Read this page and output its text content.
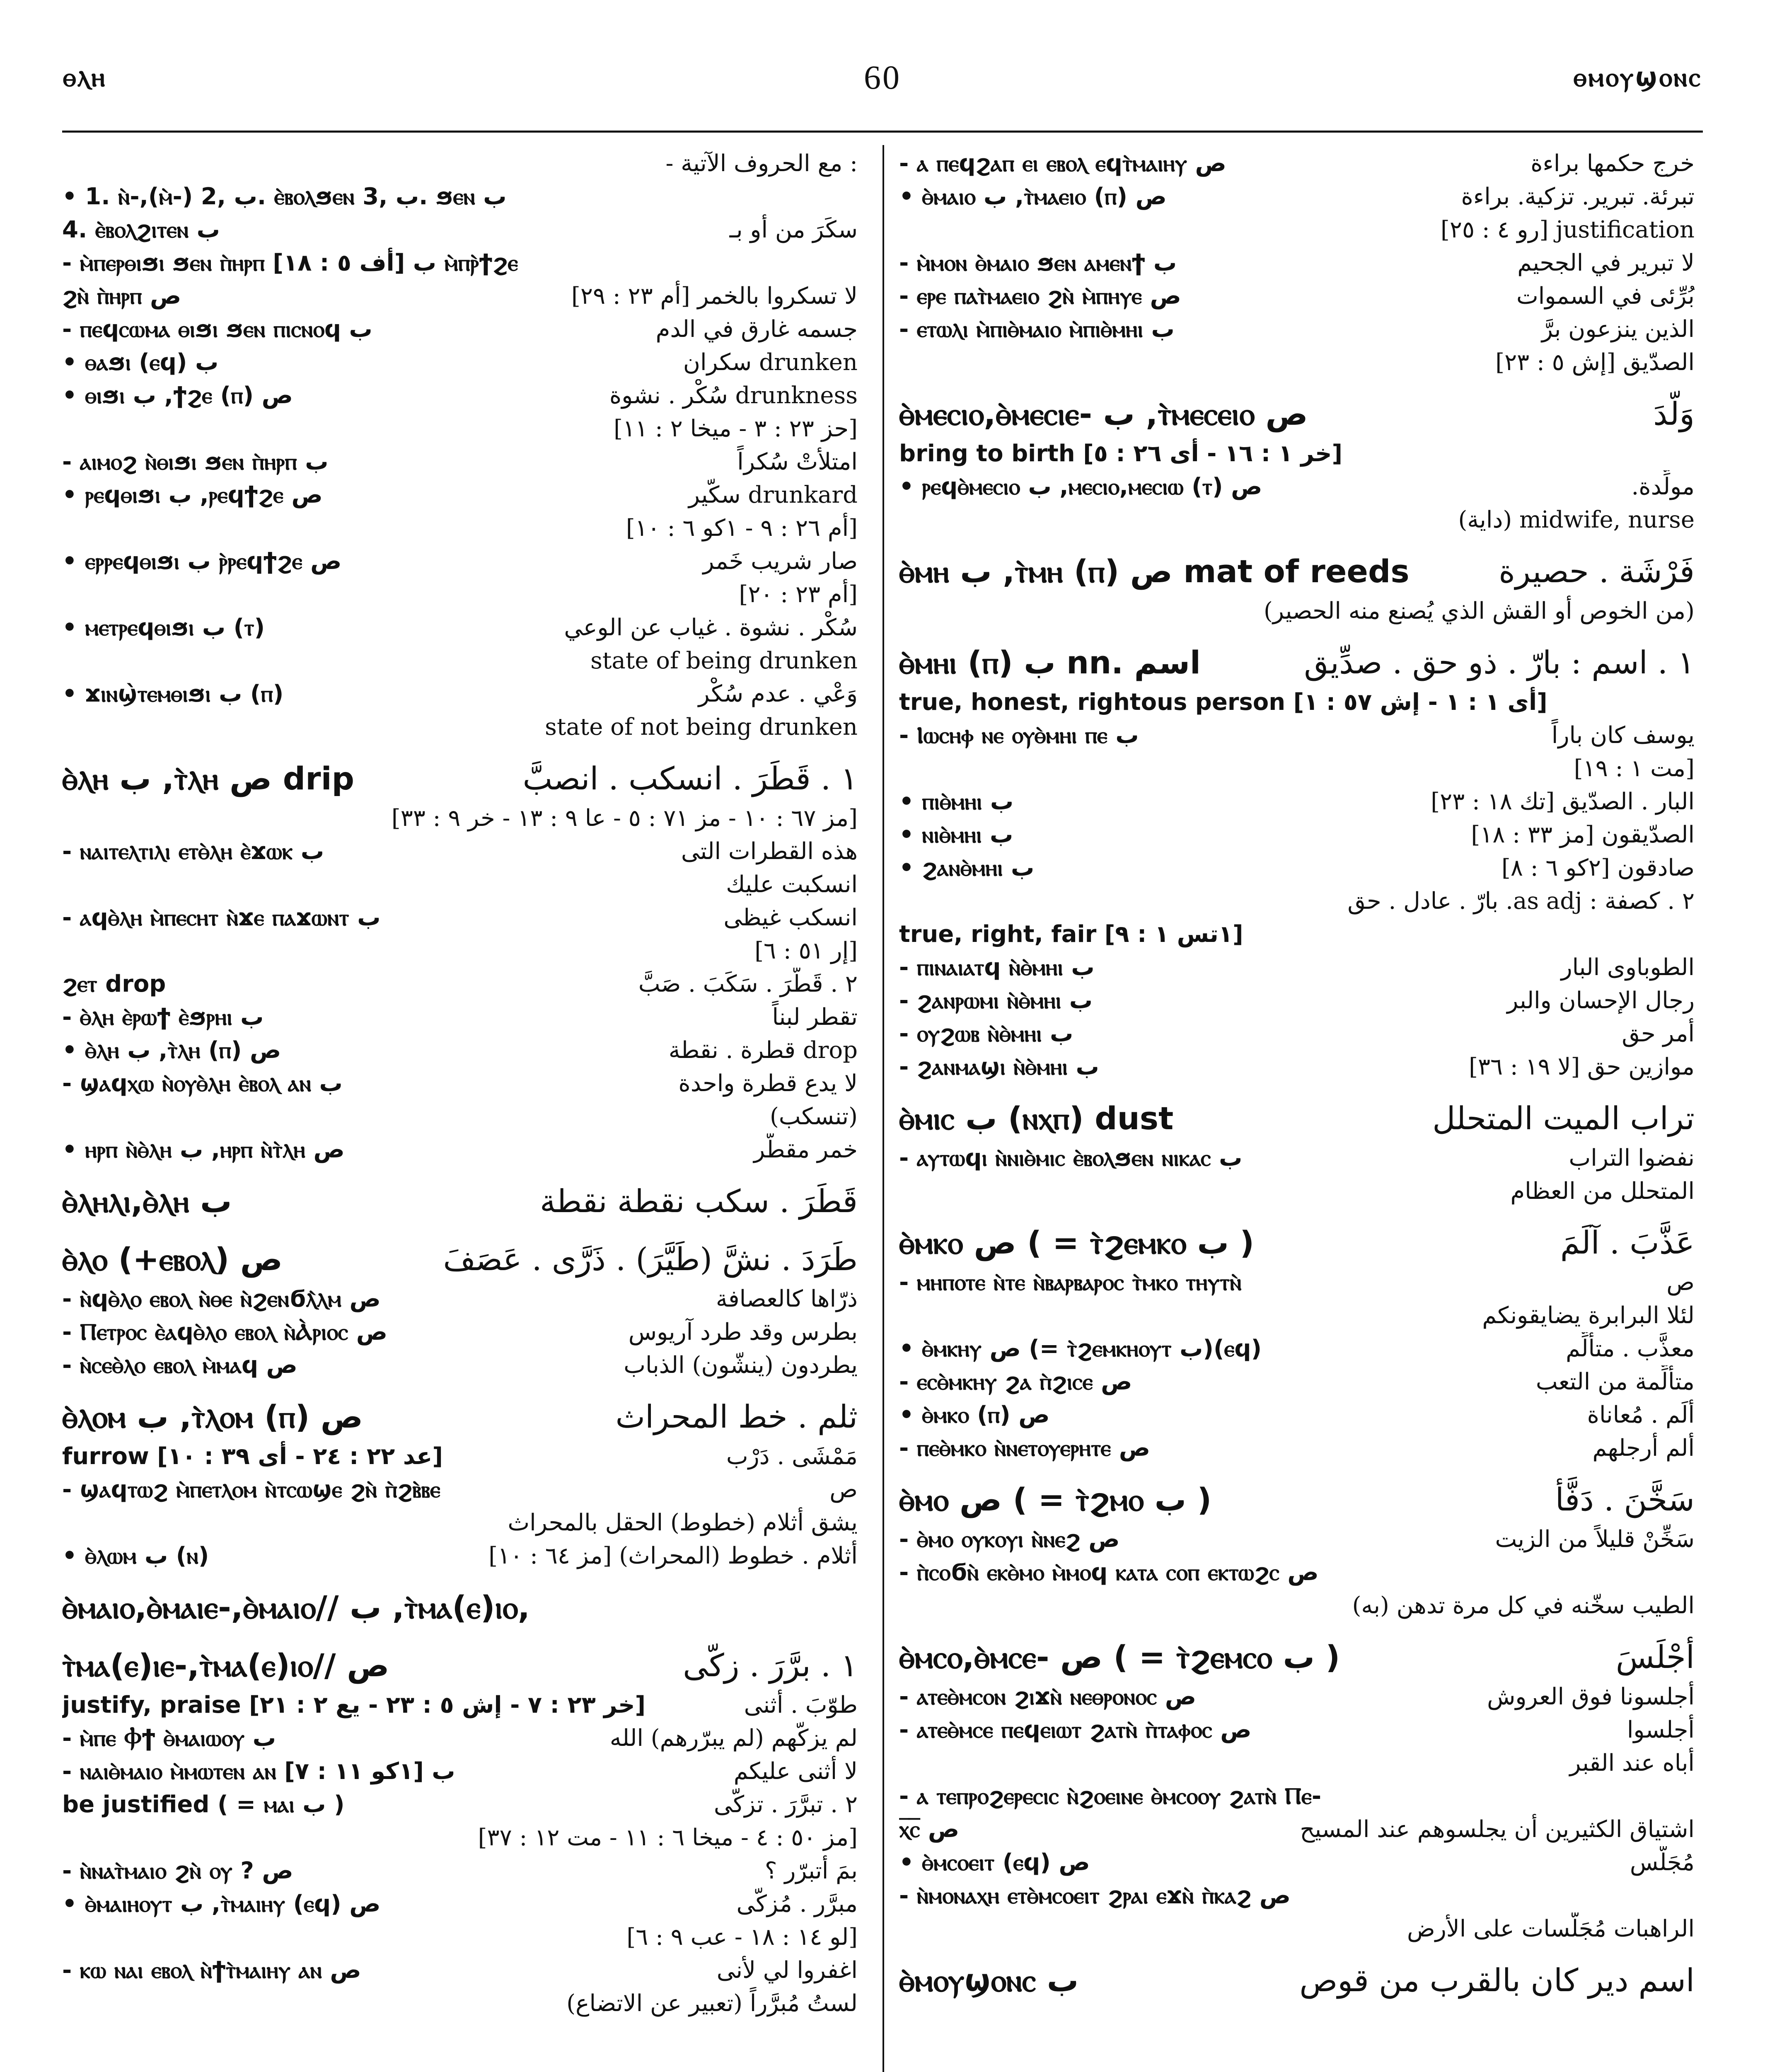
ⲑⲗⲏ	60	ⲑⲙⲟⲩϣⲟⲛⲥ
: مع الحروف الآتية -
• 1. ⲛ̀-,(ⲙ̀-) ب ,2. ⲉ̀ⲃⲟⲗϧⲉⲛ ب ,3. ϧⲉⲛ ب
4. ⲉ̀ⲃⲟⲗϩⲓⲧⲉⲛ ب	سكَرَ من أو بـ
- ⲙ̀ⲡⲉⲣⲑⲓϧⲓ ϧⲉⲛ ⲡ̀ⲏⲣⲡ [أف ٥ : ١٨] ب ⲙ̀ⲡⲣ̀ϯϩⲉ
ϩⲛ̀ ⲡ̀ⲏⲣⲡ ص	لا تسكروا بالخمر [أم ٢٣ : ٢٩]
- ⲡⲉϥⲥⲱⲙⲁ ⲑⲓϧⲓ ϧⲉⲛ ⲡⲓⲥⲛⲟϥ ب	جسمه غارق في الدم
• ⲑⲁϧⲓ (ⲉϥ) ب	drunken سكران
• ⲑⲓϧⲓ ب ,ϯϩⲉ (ⲡ) ص	drunkness سُكْر . نشوة
[حز ٢٣ : ٣ - ميخا ٢ : ١١]
- ⲁⲓⲙⲟϩ ⲛ̀ⲑⲓϧⲓ ϧⲉⲛ ⲡ̀ⲏⲣⲡ ب	امتلأتْ سُكراً
• ⲣⲉϥⲑⲓϧⲓ ب ,ⲣⲉϥϯϩⲉ ص	drunkard سكّير
[أم ٢٦ : ٩ - ١كو ٦ : ١٠]
• ⲉⲣⲣⲉϥⲑⲓϧⲓ ب ⲣ̀ⲣⲉϥϯϩⲉ ص	صار شريب خَمر
[أم ٢٣ : ٢٠]
• ⲙⲉⲧⲣⲉϥⲑⲓϧⲓ ب (ⲧ)	سُكْر . نشوة . غياب عن الوعي
state of being drunken
• ϫⲓⲛϣ̀ⲧⲉⲙⲑⲓϧⲓ ب (ⲡ)	وَعْي . عدم سُكْر
state of not being drunken
ⲑ̀ⲗⲏ ب ,ⲧ̀ⲗⲏ ص drip	١ . قَطَرَ . انسكب . انصبَّ
[مز ٦٧ : ١٠ - مز ٧١ : ٥ - عا ٩ : ١٣ - خر ٩ : ٣٣]
- ⲛⲁⲓⲧⲉⲗⲧⲓⲗⲓ ⲉⲧⲑ̀ⲗⲏ ⲉ̀ϫⲱⲕ ب	هذه القطرات التى
انسكبت عليك
- ⲁϥⲑ̀ⲗⲏ ⲙ̀ⲡⲉⲥⲏⲧ ⲛ̀ϫⲉ ⲡⲁϫⲱⲛⲧ ب	انسكب غيظى
[إر ٥١ : ٦]
ϩⲉⲧ drop	٢ . قَطَّرَ . سَكَبَ . صَبَّ
- ⲑ̀ⲗⲏ ⲉ̀ⲣⲱϯ ⲉ̀ϧⲣⲏⲓ ب	تقطر لبناً
• ⲑ̀ⲗⲏ ب ,ⲧ̀ⲗⲏ (ⲡ) ص	drop قطرة . نقطة
- ϣⲁϥⲭⲱ ⲛ̀ⲟⲩⲑ̀ⲗⲏ ⲉ̀ⲃⲟⲗ ⲁⲛ ب	لا يدع قطرة واحدة
(تنسكب)
• ⲏⲣⲡ ⲛ̀ⲑ̀ⲗⲏ ب ,ⲏⲣⲡ ⲛ̀ⲧ̀ⲗⲏ ص	خمر مقطَّر
ⲑ̀ⲗⲏⲗⲓ,ⲑ̀ⲗⲏ ب	قَطَرَ . سكب نقطة نقطة
ⲑ̀ⲗⲟ (+ⲉⲃⲟⲗ) ص	طَرَدَ . نشَّ (طَيَّرَ) . ذَرَّى . عَصَفَ
- ⲛ̀ϥⲑ̀ⲗⲟ ⲉⲃⲟⲗ ⲛ̀ⲑⲉ ⲛ̀ϩⲉⲛϭⲗ̀ⲗⲙ ص	ذرّاها كالعصافة
- Ⲡⲉⲧⲣⲟⲥ ⲉ̀ⲁϥⲑ̀ⲗⲟ ⲉⲃⲟⲗ ⲛ̀Ⲁ̀ⲣⲓⲟⲥ ص	بطرس وقد طرد آريوس
- ⲛ̀ⲥⲉⲑ̀ⲗⲟ ⲉⲃⲟⲗ ⲙ̀ⲙⲁϥ ص	يطردون (ينشّون) الذباب
ⲑ̀ⲗⲟⲙ ب ,ⲧ̀ⲗⲟⲙ (ⲡ) ص	ثلم . خط المحراث
furrow [عد ٢٢ : ٢٤ - أى ٣٩ : ١٠]	مَمْشَى . دَرْب
- ϣⲁϥⲧⲱϩ ⲙ̀ⲡⲉⲧⲗⲟⲙ ⲛ̀ⲧⲥⲱϣⲉ ϩⲛ̀ ⲡ̀ϩⲃ̀ⲃⲉ	ص
يشق أثلام (خطوط) الحقل بالمحراث
• ⲑ̀ⲗⲱⲙ ب (ⲛ)	أثلام . خطوط (المحراث) [مز ٦٤ : ١٠]
ⲑ̀ⲙⲁⲓⲟ,ⲑ̀ⲙⲁⲓⲉ-,ⲑ̀ⲙⲁⲓⲟ// ب ,ⲧ̀ⲙⲁ(ⲉ)ⲓⲟ,
ⲧ̀ⲙⲁ(ⲉ)ⲓⲉ-,ⲧ̀ⲙⲁ(ⲉ)ⲓⲟ// ص	١ . برَّرَ . زكّى
justify, praise [خر ٢٣ : ٧ - إش ٥ : ٢٣ - يع ٢ : ٢١]	طوّبَ . أثنى
- ⲙ̀ⲡⲉ Ⲫϯ ⲑ̀ⲙⲁⲓⲱⲟⲩ ب	لم يزكّهم (لم يبرّرهم) الله
- ⲛⲁⲓⲑ̀ⲙⲁⲓⲟ ⲙ̀ⲙⲱⲧⲉⲛ ⲁⲛ ب [١كو ١١ : ٧]	لا أُثنى عليكم
be justified ( = ⲙⲁⲓ ب )	٢ . تبرَّرَ . تزكّى
[مز ٥٠ : ٤ - ميخا ٦ : ١١ - مت ١٢ : ٣٧]
- ⲛ̀ⲛⲁⲧ̀ⲙⲁⲓⲟ ϩⲛ̀ ⲟⲩ ? ص	بمَ أتبرّر ؟
• ⲑ̀ⲙⲁⲓⲏⲟⲩⲧ ب ,ⲧ̀ⲙⲁⲓⲏⲩ (ⲉϥ) ص	مبرَّر . مُزكّى
[لو ١٤ : ١٨ - عب ٩ : ٦]
- ⲕⲱ ⲛⲁⲓ ⲉⲃⲟⲗ ⲛ̀ϯⲧ̀ⲙⲁⲓⲏⲩ ⲁⲛ ص	اغفروا لي لأنى
لستُ مُبرَّراً (تعبير عن الاتضاع)
- ⲁ ⲡⲉϥϩⲁⲡ ⲉⲓ ⲉⲃⲟⲗ ⲉϥⲧ̀ⲙⲁⲓⲏⲩ ص	خرج حكمها براءة
• ⲑ̀ⲙⲁⲓⲟ ب ,ⲧ̀ⲙⲁⲉⲓⲟ (ⲡ) ص	تبرئة. تبرير. تزكية. براءة
justification [رو ٤ : ٢٥]
- ⲙ̀ⲙⲟⲛ ⲑ̀ⲙⲁⲓⲟ ϧⲉⲛ ⲁⲙⲉⲛϯ ب	لا تبرير في الجحيم
- ⲉⲣⲉ ⲡⲁⲧ̀ⲙⲁⲉⲓⲟ ϩⲛ̀ ⲙ̀ⲡⲏⲩⲉ ص	بُرِّئى في السموات
- ⲉⲧⲱⲗⲓ ⲙ̀ⲡⲓⲑ̀ⲙⲁⲓⲟ ⲙ̀ⲡⲓⲑ̀ⲙⲏⲓ ب	الذين ينزعون برَّ
الصدّيق [إش ٥ : ٢٣]
ⲑ̀ⲙⲉⲥⲓⲟ,ⲑ̀ⲙⲉⲥⲓⲉ- ب ,ⲧ̀ⲙⲉⲥⲉⲓⲟ ص	وَلَّدَ
bring to birth [خر ١ : ١٦ - أى ٢٦ : ٥]
• ⲣⲉϥⲑ̀ⲙⲉⲥⲓⲟ ب ,ⲙⲉⲥⲓⲟ,ⲙⲉⲥⲓⲱ (ⲧ) ص	مولِّدة.
midwife, nurse (داية)
ⲑ̀ⲙⲏ ب ,ⲧ̀ⲙⲏ (ⲡ) ص mat of reeds	فَرْشَة . حصيرة
(من الخوص أو القش الذي يُصنع منه الحصير)
ⲑ̀ⲙⲏⲓ (ⲡ) ب nn. اسم	١ . اسم : بارّ . ذو حق . صدِّيق
true, honest, rightous person [أى ١ : ١ - إش ٥٧ : ١]
- Ⲓⲱⲥⲏⲫ ⲛⲉ ⲟⲩⲑ̀ⲙⲏⲓ ⲡⲉ ب	يوسف كان باراً
[مت ١ : ١٩]
• ⲡⲓⲑ̀ⲙⲏⲓ ب	البار . الصدّيق [تك ١٨ : ٢٣]
• ⲛⲓⲑ̀ⲙⲏⲓ ب	الصدّيقون [مز ٣٣ : ١٨]
• ϩⲁⲛⲑ̀ⲙⲏⲓ ب	صادقون [٢كو ٦ : ٨]
٢ . كصفة : as adj. بارّ . عادل . حق
true, right, fair [١تس ١ : ٩]
- ⲡⲓⲛⲁⲓⲁⲧϥ ⲛ̀ⲑ̀ⲙⲏⲓ ب	الطوباوى البار
- ϩⲁⲛⲣⲱⲙⲓ ⲛ̀ⲑ̀ⲙⲏⲓ ب	رجال الإحسان والبر
- ⲟⲩϩⲱⲃ ⲛ̀ⲑ̀ⲙⲏⲓ ب	أمر حق
- ϩⲁⲛⲙⲁϣⲓ ⲛ̀ⲑ̀ⲙⲏⲓ ب	موازين حق [لا ١٩ : ٣٦]
ⲑ̀ⲙⲓⲥ ب (ⲛⲭⲡ) dust	تراب الميت المتحلل
- ⲁⲩⲧⲱϥⲓ ⲛ̀ⲛⲓⲑ̀ⲙⲓⲥ ⲉ̀ⲃⲟⲗϧⲉⲛ ⲛⲓⲕⲁⲥ ب	نفضوا التراب
المتحلل من العظام
ⲑ̀ⲙⲕⲟ ص ( = ⲧ̀ϩⲉⲙⲕⲟ ب )	عَذَّبَ . آلَمَ
- ⲙⲏⲡⲟⲧⲉ ⲛ̀ⲧⲉ ⲛ̀ⲃⲁⲣⲃⲁⲣⲟⲥ ⲧ̀ⲙⲕⲟ ⲧⲏⲩⲧⲛ̀	ص
لئلا البرابرة يضايقونكم
• ⲑ̀ⲙⲕⲏⲩ ص (= ⲧ̀ϩⲉⲙⲕⲏⲟⲩⲧ ب)(ⲉϥ)	معذَّب . متألِّم
- ⲉⲥⲑ̀ⲙⲕⲏⲩ ϩⲁ ⲡ̀ϩⲓⲥⲉ ص	متألِّمة من التعب
• ⲑ̀ⲙⲕⲟ (ⲡ) ص	ألَم . مُعاناة
- ⲡⲉⲑ̀ⲙⲕⲟ ⲛ̀ⲛⲉⲧⲟⲩⲉⲣⲏⲧⲉ ص	ألم أرجلهم
ⲑ̀ⲙⲟ ص ( = ⲧ̀ϩⲙⲟ ب )	سَخَّنَ . دَفَّأَ
- ⲑ̀ⲙⲟ ⲟⲩⲕⲟⲩⲓ ⲛ̀ⲛⲉϩ ص	سَخِّنْ قليلاً من الزيت
- ⲡ̀ⲥⲟϭⲛ̀ ⲉⲕⲑ̀ⲙⲟ ⲙ̀ⲙⲟϥ ⲕⲁⲧⲁ ⲥⲟⲡ ⲉⲕⲧⲱϩⲥ ص
الطيب سخّنه في كل مرة تدهن (به)
ⲑ̀ⲙⲥⲟ,ⲑ̀ⲙⲥⲉ- ص ( = ⲧ̀ϩⲉⲙⲥⲟ ب )	أجْلَسَ
- ⲁⲧⲉⲑ̀ⲙⲥⲟⲛ ϩⲓϫⲛ̀ ⲛⲉⲑⲣⲟⲛⲟⲥ ص	أجلسونا فوق العروش
- ⲁⲧⲉⲑ̀ⲙⲥⲉ ⲡⲉϥⲉⲓⲱⲧ ϩⲁⲧⲛ̀ ⲡ̀ⲧⲁⲫⲟⲥ ص	أجلسوا
أباه عند القبر
- ⲁ ⲧⲉⲡⲣⲟϩⲉⲣⲉⲥⲓⲥ ⲛ̀ϩⲟⲉⲓⲛⲉ ⲑ̀ⲙⲥⲟⲟⲩ ϩⲁⲧⲛ̀ Ⲡⲉ-
ⲭ̅ⲥ̅ ص	اشتياق الكثيرين أن يجلسوهم عند المسيح
• ⲑ̀ⲙⲥⲟⲉⲓⲧ (ⲉϥ) ص	مُجَلَّس
- ⲛ̀ⲙⲟⲛⲁⲭⲏ ⲉⲧⲑ̀ⲙⲥⲟⲉⲓⲧ ϩⲣⲁⲓ ⲉϫⲛ̀ ⲡ̀ⲕⲁϩ ص
الراهبات مُجَلَّسات على الأرض
ⲑ̀ⲙⲟⲩϣⲟⲛⲥ ب	اسم دير كان بالقرب من قوص
